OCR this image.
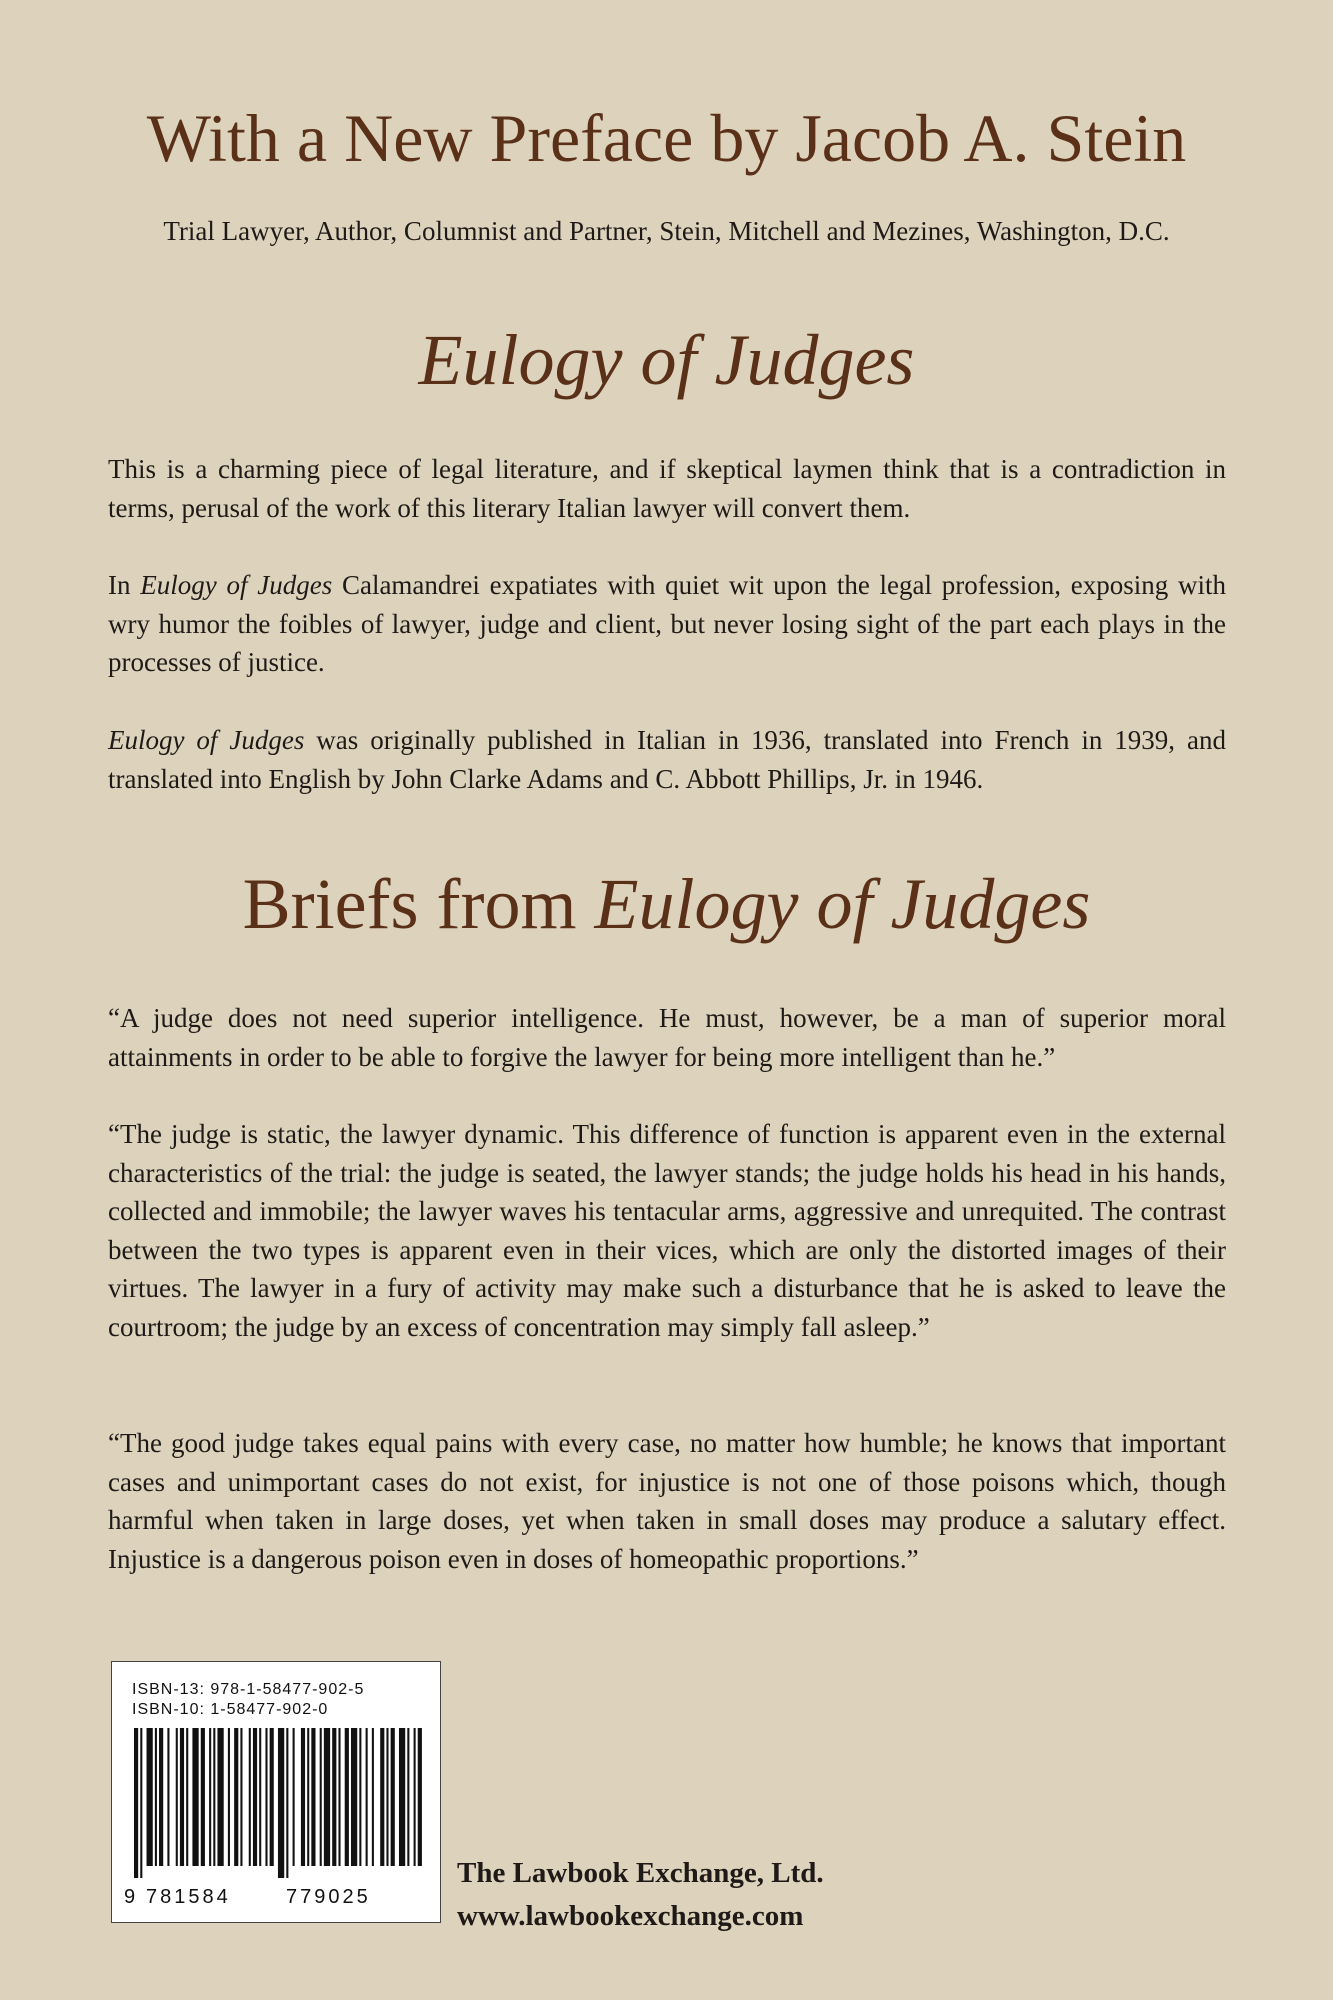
With a New Preface by Jacob A. Stein
Trial Lawyer, Author, Columnist and Partner, Stein, Mitchell and Mezines, Washington, D.C.
Eulogy of Judges

This is a charming piece of legal literature, and if skeptical laymen think that is a contradiction in terms, perusal of the work of this literary Italian lawyer will convert them.

In Eulogy of Judges Calamandrei expatiates with quiet wit upon the legal profession, exposing with wry humor the foibles of lawyer, judge and client, but never losing sight of the part each plays in the processes of justice.

Eulogy of Judges was originally published in Italian in 1936, translated into French in 1939, and translated into English by John Clarke Adams and C. Abbott Phillips, Jr. in 1946.

Briefs from Eulogy of Judges

“A judge does not need superior intelligence. He must, however, be a man of superior moral attainments in order to be able to forgive the lawyer for being more intelligent than he.”

“The judge is static, the lawyer dynamic. This difference of function is apparent even in the external characteristics of the trial: the judge is seated, the lawyer stands; the judge holds his head in his hands, collected and immobile; the lawyer waves his tentacular arms, aggressive and unrequited. The contrast between the two types is apparent even in their vices, which are only the distorted images of their virtues. The lawyer in a fury of activity may make such a disturbance that he is asked to leave the courtroom; the judge by an excess of concentration may simply fall asleep.”

“The good judge takes equal pains with every case, no matter how humble; he knows that important cases and unimportant cases do not exist, for injustice is not one of those poisons which, though harmful when taken in large doses, yet when taken in small doses may produce a salutary effect. Injustice is a dangerous poison even in doses of homeopathic proportions.”

ISBN-13: 978-1-58477-902-5
ISBN-10: 1-58477-902-0
9 781584	779025
The Lawbook Exchange, Ltd.
www.lawbookexchange.com
